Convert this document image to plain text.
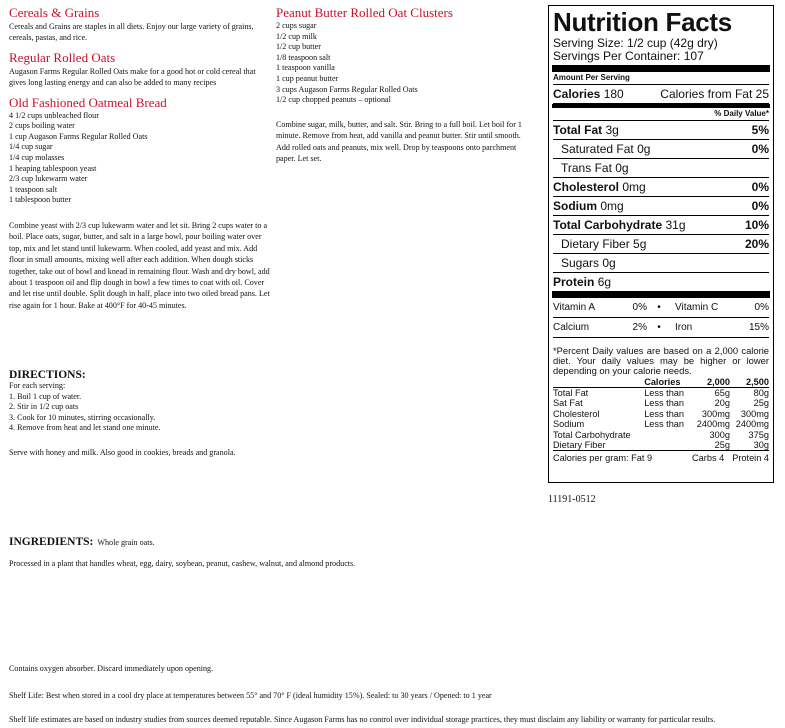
Cereals & Grains

Cereals and Grains are staples in all diets. Enjoy our large variety of grains, cereals, pastas, and rice.

Regular Rolled Oats

Augason Farms Regular Rolled Oats make for a good hot or cold cereal that gives long lasting energy and can also be added to many recipes

Old Fashioned Oatmeal Bread
4 1/2 cups unbleached flour
2 cups boiling water
1 cup Augason Farms Regular Rolled Oats
1/4 cup sugar
1/4 cup molasses
1 heaping tablespoon yeast
2/3 cup lukewarm water
1 teaspoon salt
1 tablespoon butter

Combine yeast with 2/3 cup lukewarm water and let sit. Bring 2 cups water to a boil. Place oats, sugar, butter, and salt in a large bowl, pour boiling water over top, mix and let stand until lukewarm. When cooled, add yeast and mix. Add flour in small amounts, mixing well after each addition. When dough sticks together, take out of bowl and knead in remaining flour. Wash and dry bowl, add about 1 teaspoon oil and flip dough in bowl a few times to coat with oil. Cover and let rise until double. Split dough in half, place into two oiled bread pans. Let rise again for 1 hour. Bake at 400°F for 40-45 minutes.

DIRECTIONS:
For each serving:
1. Boil 1 cup of water.
2. Stir in 1/2 cup oats
3. Cook for 10 minutes, stirring occasionally.
4. Remove from heat and let stand one minute.

Serve with honey and milk. Also good in cookies, breads and granola.

Peanut Butter Rolled Oat Clusters
2 cups sugar
1/2 cup milk
1/2 cup butter
1/8 teaspoon salt
1 teaspoon vanilla
1 cup peanut butter
3 cups Augason Farms Regular Rolled Oats
1/2 cup chopped peanuts – optional

Combine sugar, milk, butter, and salt. Stir. Bring to a full boil. Let boil for 1 minute. Remove from heat, add vanilla and peanut butter. Stir until smooth. Add rolled oats and peanuts, mix well. Drop by teaspoons onto parchment paper. Let set.

Nutrition Facts
Serving Size: 1/2 cup (42g dry)
Servings Per Container: 107
Amount Per Serving
Calories 180	Calories from Fat 25
% Daily Value*
Total Fat 3g	5%
Saturated Fat 0g	0%
Trans Fat 0g
Cholesterol 0mg	0%
Sodium 0mg	0%
Total Carbohydrate 31g	10%
Dietary Fiber 5g	20%
Sugars 0g
Protein 6g
Vitamin A	0%	•	Vitamin C	0%
Calcium	2%	•	Iron	15%
*Percent Daily values are based on a 2,000 calorie diet. Your daily values may be higher or lower depending on your calorie needs.
	Calories	2,000	2,500
Total Fat	Less than	65g	80g
Sat Fat	Less than	20g	25g
Cholesterol	Less than	300mg	300mg
Sodium	Less than	2400mg	2400mg
Total Carbohydrate		300g	375g
Dietary Fiber		25g	30g
Calories per gram: Fat 9	Carbs 4 Protein 4
11191-0512
INGREDIENTS: Whole grain oats.

Processed in a plant that handles wheat, egg, dairy, soybean, peanut, cashew, walnut, and almond products.

Contains oxygen absorber. Discard immediately upon opening.

Shelf Life: Best when stored in a cool dry place at temperatures between 55° and 70° F (ideal humidity 15%). Sealed: to 30 years / Opened: to 1 year

Shelf life estimates are based on industry studies from sources deemed reputable. Since Augason Farms has no control over individual storage practices, they must disclaim any liability or warranty for particular results.
